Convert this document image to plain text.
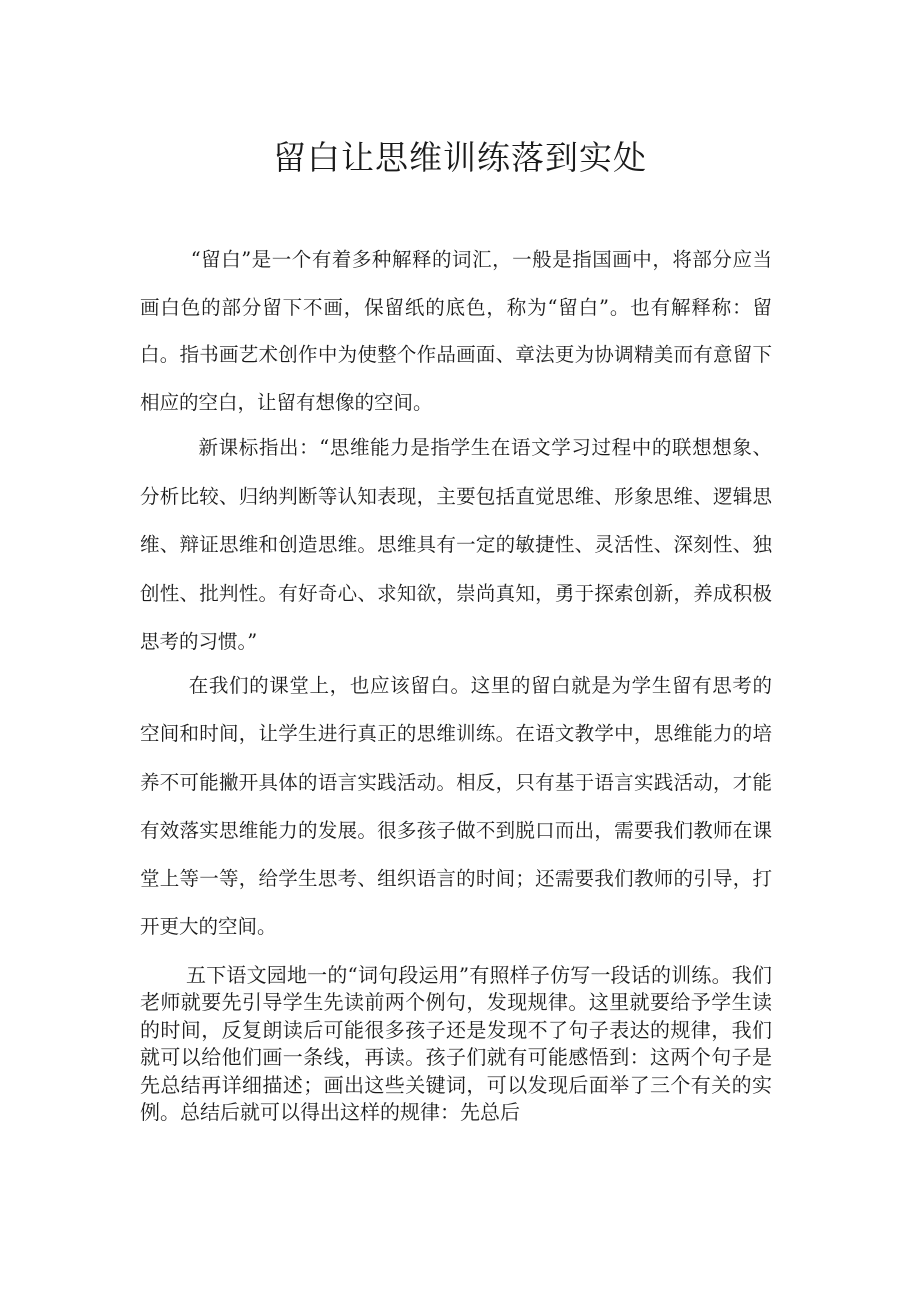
留白让思维训练落到实处

“留白”是一个有着多种解释的词汇，一般是指国画中，将部分应当画白色的部分留下不画，保留纸的底色，称为“留白”。也有解释称：留白。指书画艺术创作中为使整个作品画面、章法更为协调精美而有意留下相应的空白，让留有想像的空间。

新课标指出：“思维能力是指学生在语文学习过程中的联想想象、分析比较、归纳判断等认知表现，主要包括直觉思维、形象思维、逻辑思维、辩证思维和创造思维。思维具有一定的敏捷性、灵活性、深刻性、独创性、批判性。有好奇心、求知欲，崇尚真知，勇于探索创新，养成积极思考的习惯。”

在我们的课堂上，也应该留白。这里的留白就是为学生留有思考的空间和时间，让学生进行真正的思维训练。在语文教学中，思维能力的培养不可能撇开具体的语言实践活动。相反，只有基于语言实践活动，才能有效落实思维能力的发展。很多孩子做不到脱口而出，需要我们教师在课堂上等一等，给学生思考、组织语言的时间；还需要我们教师的引导，打开更大的空间。

五下语文园地一的“词句段运用”有照样子仿写一段话的训练。我们老师就要先引导学生先读前两个例句，发现规律。这里就要给予学生读的时间，反复朗读后可能很多孩子还是发现不了句子表达的规律，我们就可以给他们画一条线，再读。孩子们就有可能感悟到：这两个句子是先总结再详细描述；画出这些关键词，可以发现后面举了三个有关的实例。总结后就可以得出这样的规律：先总后
